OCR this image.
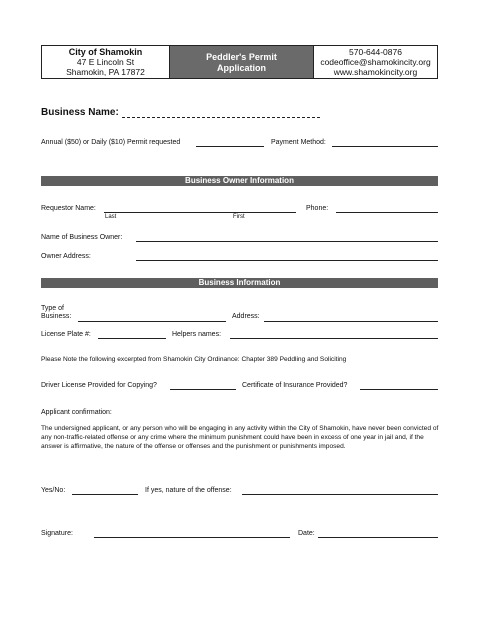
City of Shamokin
47 E Lincoln St
Shamokin, PA 17872
Peddler's Permit
Application
570-644-0876
codeoffice@shamokincity.org
www.shamokincity.org
Business Name:
Annual ($50) or Daily ($10) Permit requested	Payment Method:
Business Owner Information
Requestor Name:
Last	First
Phone:
Name of Business Owner:
Owner Address:
Business Information
Type of
Business:	Address:
License Plate #:	Helpers names:
Please Note the following excerpted from Shamokin City Ordinance: Chapter 389 Peddling and Soliciting
Driver License Provided for Copying?	Certificate of Insurance Provided?
Applicant confirmation:
The undersigned applicant, or any person who will be engaging in any activity within the City of Shamokin, have never been convicted of any non-traffic-related offense or any crime where the minimum punishment could have been in excess of one year in jail and, if the answer is affirmative, the nature of the offense or offenses and the punishment or punishments imposed.
Yes/No:	If yes, nature of the offense:
Signature:	Date:
